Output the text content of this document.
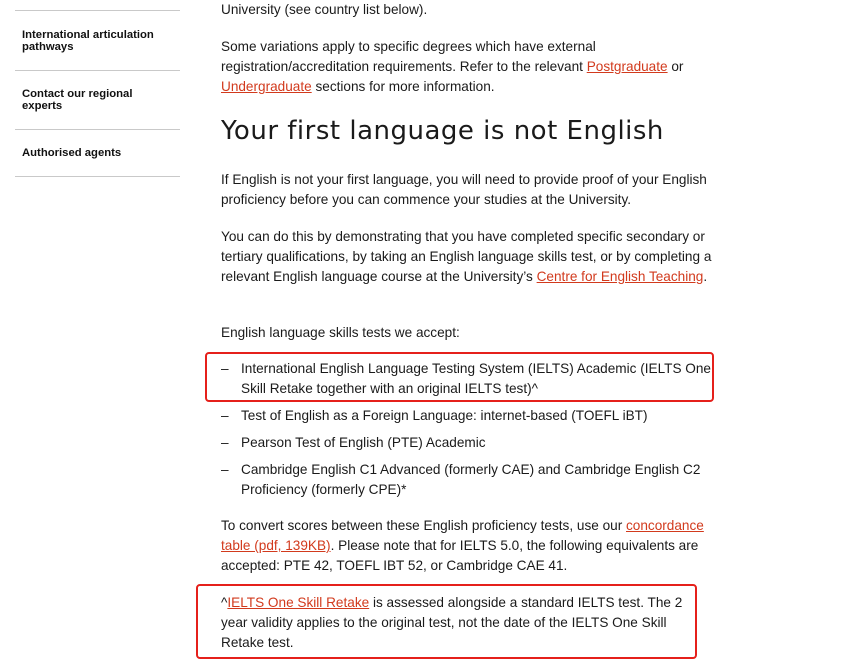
International articulation pathways
Contact our regional experts
Authorised agents
University (see country list below).
Some variations apply to specific degrees which have external registration/accreditation requirements. Refer to the relevant Postgraduate or Undergraduate sections for more information.
Your first language is not English
If English is not your first language, you will need to provide proof of your English proficiency before you can commence your studies at the University.
You can do this by demonstrating that you have completed specific secondary or tertiary qualifications, by taking an English language skills test, or by completing a relevant English language course at the University’s Centre for English Teaching.
English language skills tests we accept:
– International English Language Testing System (IELTS) Academic (IELTS One Skill Retake together with an original IELTS test)^
– Test of English as a Foreign Language: internet-based (TOEFL iBT)
– Pearson Test of English (PTE) Academic
– Cambridge English C1 Advanced (formerly CAE) and Cambridge English C2 Proficiency (formerly CPE)*
To convert scores between these English proficiency tests, use our concordance table (pdf, 139KB). Please note that for IELTS 5.0, the following equivalents are accepted: PTE 42, TOEFL IBT 52, or Cambridge CAE 41.
^IELTS One Skill Retake is assessed alongside a standard IELTS test. The 2 year validity applies to the original test, not the date of the IELTS One Skill Retake test.
